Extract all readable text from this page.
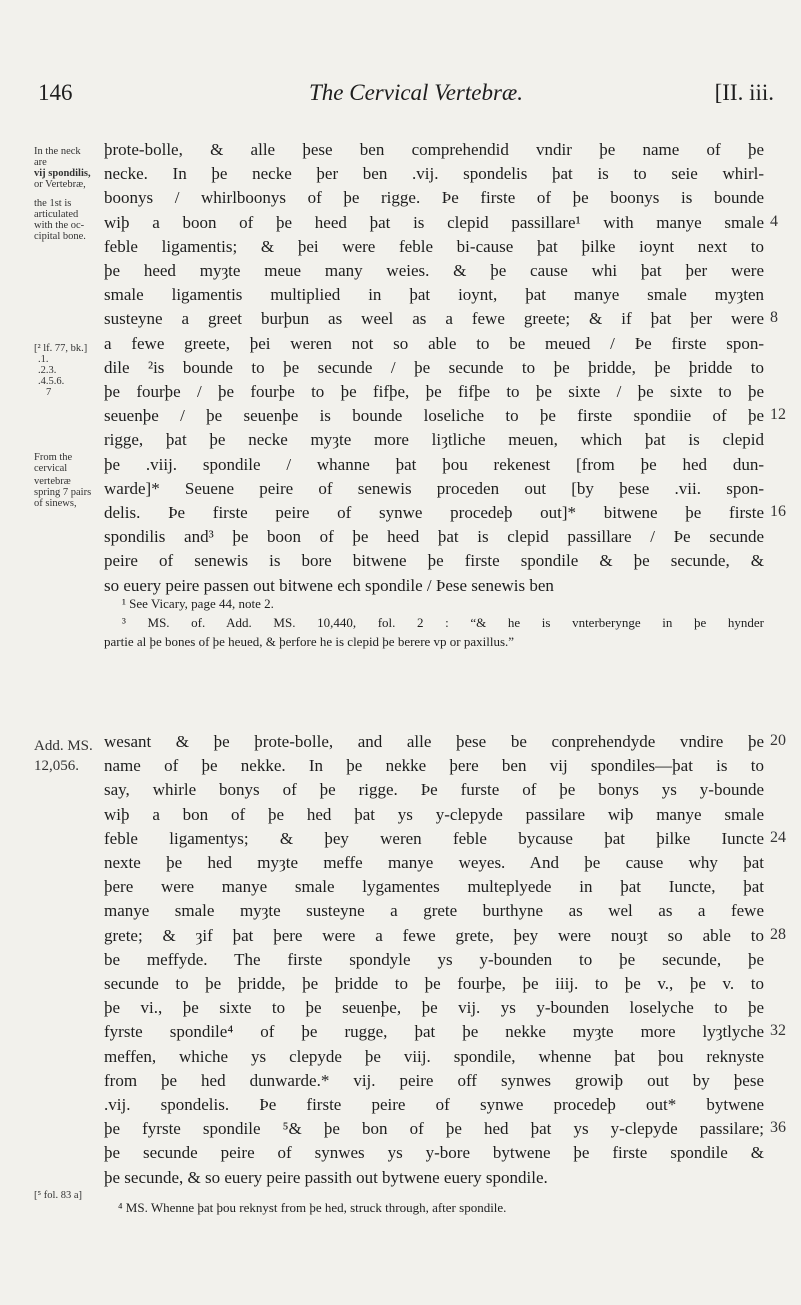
146	The Cervical Vertebræ.	[II. iii.
In the neck
are
vij spondilis,
or Vertebræ,
the 1st is
articulated
with the oc-
cipital bone.
[² lf. 77, bk.]
.1.
.2.3.
.4.5.6.
7
From the
cervical
vertebræ
spring 7 pairs
of sinews,
Add. MS.
12,056.
[⁵ fol. 83 a]
þrote-bolle, & alle þese ben comprehendid vndir þe name of þe
necke. In þe necke þer ben .vij. spondelis þat is to seie whirl-
boonys / whirlboonys of þe rigge. Þe firste of þe boonys is bounde
wiþ a boon of þe heed þat is clepid passillare¹ with manye smale 4
feble ligamentis; & þei were feble bi-cause þat þilke ioynt next to
þe heed myȝte meue many weies. & þe cause whi þat þer were
smale ligamentis multiplied in þat ioynt, þat manye smale myȝten
susteyne a greet burþun as weel as a fewe greete; & if þat þer were 8
a fewe greete, þei weren not so able to be meued / Þe firste spon-
dile ²is bounde to þe secunde / þe secunde to þe þridde, þe þridde to
þe fourþe / þe fourþe to þe fifþe, þe fifþe to þe sixte / þe sixte to þe
seuenþe / þe seuenþe is bounde loseliche to þe firste spondiie of þe 12
rigge, þat þe necke myȝte more liȝtliche meuen, which þat is clepid
þe .viij. spondile / whanne þat þou rekenest [from þe hed dun-
warde]* Seuene peire of senewis proceden out [by þese .vii. spon-
delis. Þe firste peire of synwe procedeþ out]* bitwene þe firste 16
spondilis and³ þe boon of þe heed þat is clepid passillare / Þe secunde
peire of senewis is bore bitwene þe firste spondile & þe secunde, &
so euery peire passen out bitwene ech spondile / Þese senewis ben
¹ See Vicary, page 44, note 2.
³ MS. of. Add. MS. 10,440, fol. 2 : “& he is vnterberynge in þe hynder
partie al þe bones of þe heued, & þerfore he is clepid þe berere vp or paxillus.”
wesant & þe þrote-bolle, and alle þese be conprehendyde vndire þe 20
name of þe nekke. In þe nekke þere ben vij spondiles—þat is to
say, whirle bonys of þe rigge. Þe furste of þe bonys ys y-bounde
wiþ a bon of þe hed þat ys y-clepyde passilare wiþ manye smale
feble ligamentys; & þey weren feble bycause þat þilke Iuncte 24
nexte þe hed myȝte meffe manye weyes. And þe cause why þat
þere were manye smale lygamentes multeplyede in þat Iuncte, þat
manye smale myȝte susteyne a grete burthyne as wel as a fewe
grete; & ȝif þat þere were a fewe grete, þey were nouȝt so able to 28
be meffyde. The firste spondyle ys y-bounden to þe secunde, þe
secunde to þe þridde, þe þridde to þe fourþe, þe iiij. to þe v., þe v. to
þe vi., þe sixte to þe seuenþe, þe vij. ys y-bounden loselyche to þe
fyrste spondile⁴ of þe rugge, þat þe nekke myȝte more lyȝtlyche 32
meffen, whiche ys clepyde þe viij. spondile, whenne þat þou reknyste
from þe hed dunwarde.* vij. peire off synwes growiþ out by þese
.vij. spondelis. Þe firste peire of synwe procedeþ out* bytwene
þe fyrste spondile ⁵& þe bon of þe hed þat ys y-clepyde passilare; 36
þe secunde peire of synwes ys y-bore bytwene þe firste spondile &
þe secunde, & so euery peire passith out bytwene euery spondile.
⁴ MS. Whenne þat þou reknyst from þe hed, struck through, after spondile.
